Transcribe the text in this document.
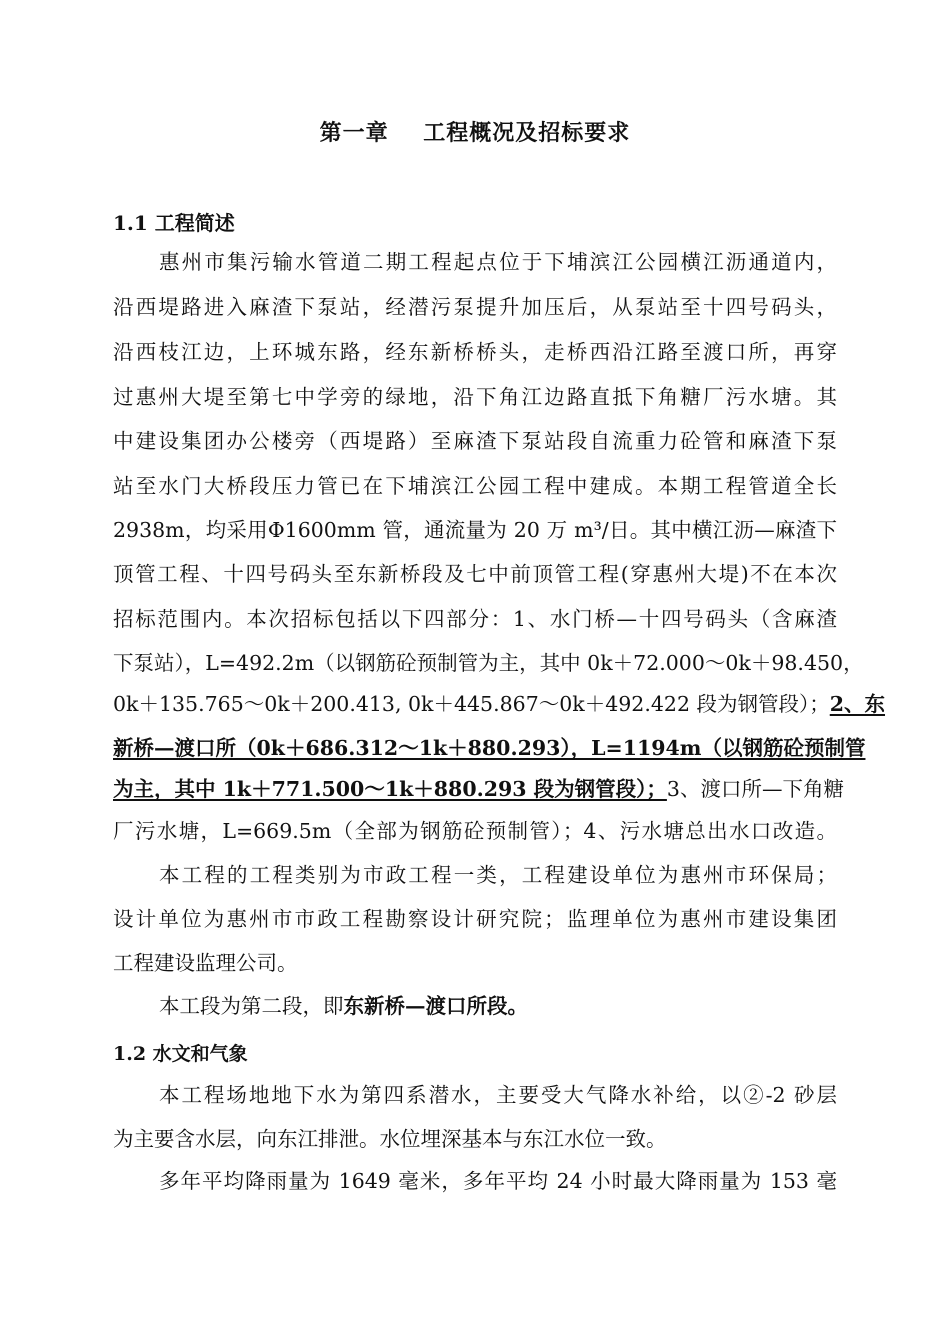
第一章    工程概况及招标要求
1.1 工程简述
惠州市集污输水管道二期工程起点位于下埔滨江公园横江沥通道内，
沿西堤路进入麻渣下泵站，经潜污泵提升加压后，从泵站至十四号码头，
沿西枝江边，上环城东路，经东新桥桥头，走桥西沿江路至渡口所，再穿
过惠州大堤至第七中学旁的绿地，沿下角江边路直抵下角糖厂污水塘。其
中建设集团办公楼旁（西堤路）至麻渣下泵站段自流重力砼管和麻渣下泵
站至水门大桥段压力管已在下埔滨江公园工程中建成。本期工程管道全长
2938m，均采用Φ1600mm 管，通流量为 20 万 m³/日。其中横江沥—麻渣下
顶管工程、十四号码头至东新桥段及七中前顶管工程(穿惠州大堤)不在本次
招标范围内。本次招标包括以下四部分：1、水门桥—十四号码头（含麻渣
下泵站），L=492.2m（以钢筋砼预制管为主，其中 0k＋72.000～0k＋98.450，
0k＋135.765～0k＋200.413, 0k＋445.867～0k＋492.422 段为钢管段）；2、东
新桥—渡口所（0k＋686.312～1k＋880.293），L=1194m（以钢筋砼预制管
为主，其中 1k＋771.500～1k＋880.293 段为钢管段）；3、渡口所—下角糖
厂污水塘，L=669.5m（全部为钢筋砼预制管）；4、污水塘总出水口改造。
本工程的工程类别为市政工程一类，工程建设单位为惠州市环保局；
设计单位为惠州市市政工程勘察设计研究院；监理单位为惠州市建设集团
工程建设监理公司。
本工段为第二段，即东新桥—渡口所段。
1.2 水文和气象
本工程场地地下水为第四系潜水，主要受大气降水补给，以②-2 砂层
为主要含水层，向东江排泄。水位埋深基本与东江水位一致。
多年平均降雨量为 1649 毫米，多年平均 24 小时最大降雨量为 153 毫
